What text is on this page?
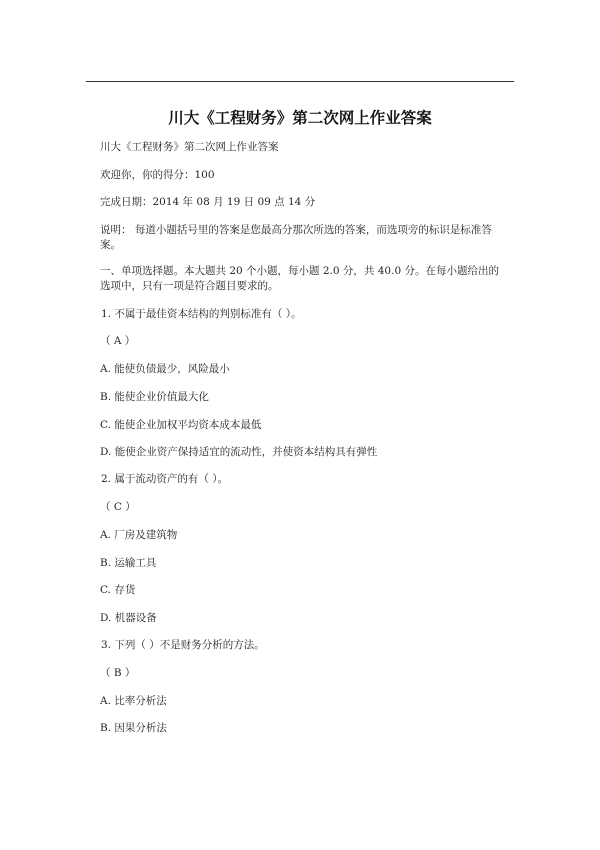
川大《工程财务》第二次网上作业答案
川大《工程财务》第二次网上作业答案
欢迎你，你的得分：100
完成日期：2014 年 08 月 19 日 09 点 14 分
说明： 每道小题括号里的答案是您最高分那次所选的答案，而选项旁的标识是标准答
案。
一、单项选择题。本大题共 20 个小题，每小题 2.0 分，共 40.0 分。在每小题给出的
选项中，只有一项是符合题目要求的。
1. 不属于最佳资本结构的判别标准有（ ）。
（ A ）
A. 能使负债最少，风险最小
B. 能使企业价值最大化
C. 能使企业加权平均资本成本最低
D. 能使企业资产保持适宜的流动性，并使资本结构具有弹性
2. 属于流动资产的有（ ）。
（ C ）
A. 厂房及建筑物
B. 运输工具
C. 存货
D. 机器设备
3. 下列（ ）不是财务分析的方法。
（ B ）
A. 比率分析法
B. 因果分析法
